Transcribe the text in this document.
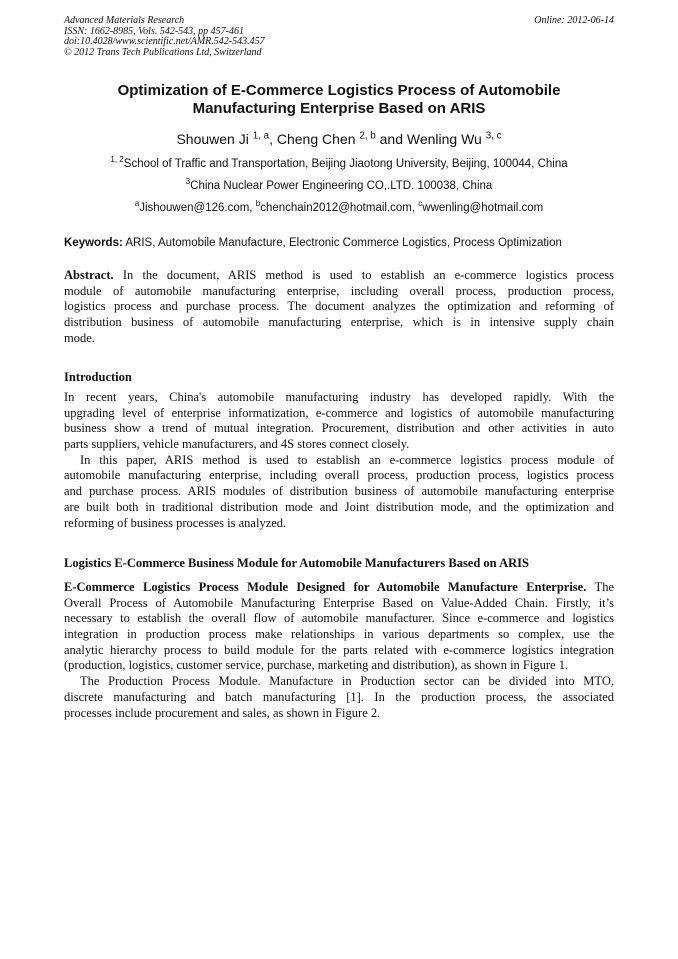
Advanced Materials Research
ISSN: 1662-8985, Vols. 542-543, pp 457-461
doi:10.4028/www.scientific.net/AMR.542-543.457
© 2012 Trans Tech Publications Ltd, Switzerland
Online: 2012-06-14
Optimization of E-Commerce Logistics Process of Automobile
Manufacturing Enterprise Based on ARIS
Shouwen Ji $^{1, a}$, Cheng Chen $^{2, b}$ and Wenling Wu $^{3, c}$
$^{1, 2}$School of Traffic and Transportation, Beijing Jiaotong University, Beijing, 100044, China
$^3$China Nuclear Power Engineering CO,.LTD. 100038, China
$^a$Jishouwen@126.com, $^b$chenchain2012@hotmail.com, $^c$wwenling@hotmail.com
Keywords: ARIS, Automobile Manufacture, Electronic Commerce Logistics, Process Optimization
Abstract. In the document, ARIS method is used to establish an e-commerce logistics process
module of automobile manufacturing enterprise, including overall process, production process,
logistics process and purchase process. The document analyzes the optimization and reforming of
distribution business of automobile manufacturing enterprise, which is in intensive supply chain
mode.
Introduction
In recent years, China's automobile manufacturing industry has developed rapidly. With the
upgrading level of enterprise informatization, e-commerce and logistics of automobile manufacturing
business show a trend of mutual integration. Procurement, distribution and other activities in auto
parts suppliers, vehicle manufacturers, and 4S stores connect closely.
In this paper, ARIS method is used to establish an e-commerce logistics process module of
automobile manufacturing enterprise, including overall process, production process, logistics process
and purchase process. ARIS modules of distribution business of automobile manufacturing enterprise
are built both in traditional distribution mode and Joint distribution mode, and the optimization and
reforming of business processes is analyzed.
Logistics E-Commerce Business Module for Automobile Manufacturers Based on ARIS
E-Commerce Logistics Process Module Designed for Automobile Manufacture Enterprise. The
Overall Process of Automobile Manufacturing Enterprise Based on Value-Added Chain. Firstly, it’s
necessary to establish the overall flow of automobile manufacturer. Since e-commerce and logistics
integration in production process make relationships in various departments so complex, use the
analytic hierarchy process to build module for the parts related with e-commerce logistics integration
(production, logistics, customer service, purchase, marketing and distribution), as shown in Figure 1.
The Production Process Module. Manufacture in Production sector can be divided into MTO,
discrete manufacturing and batch manufacturing [1]. In the production process, the associated
processes include procurement and sales, as shown in Figure 2.
